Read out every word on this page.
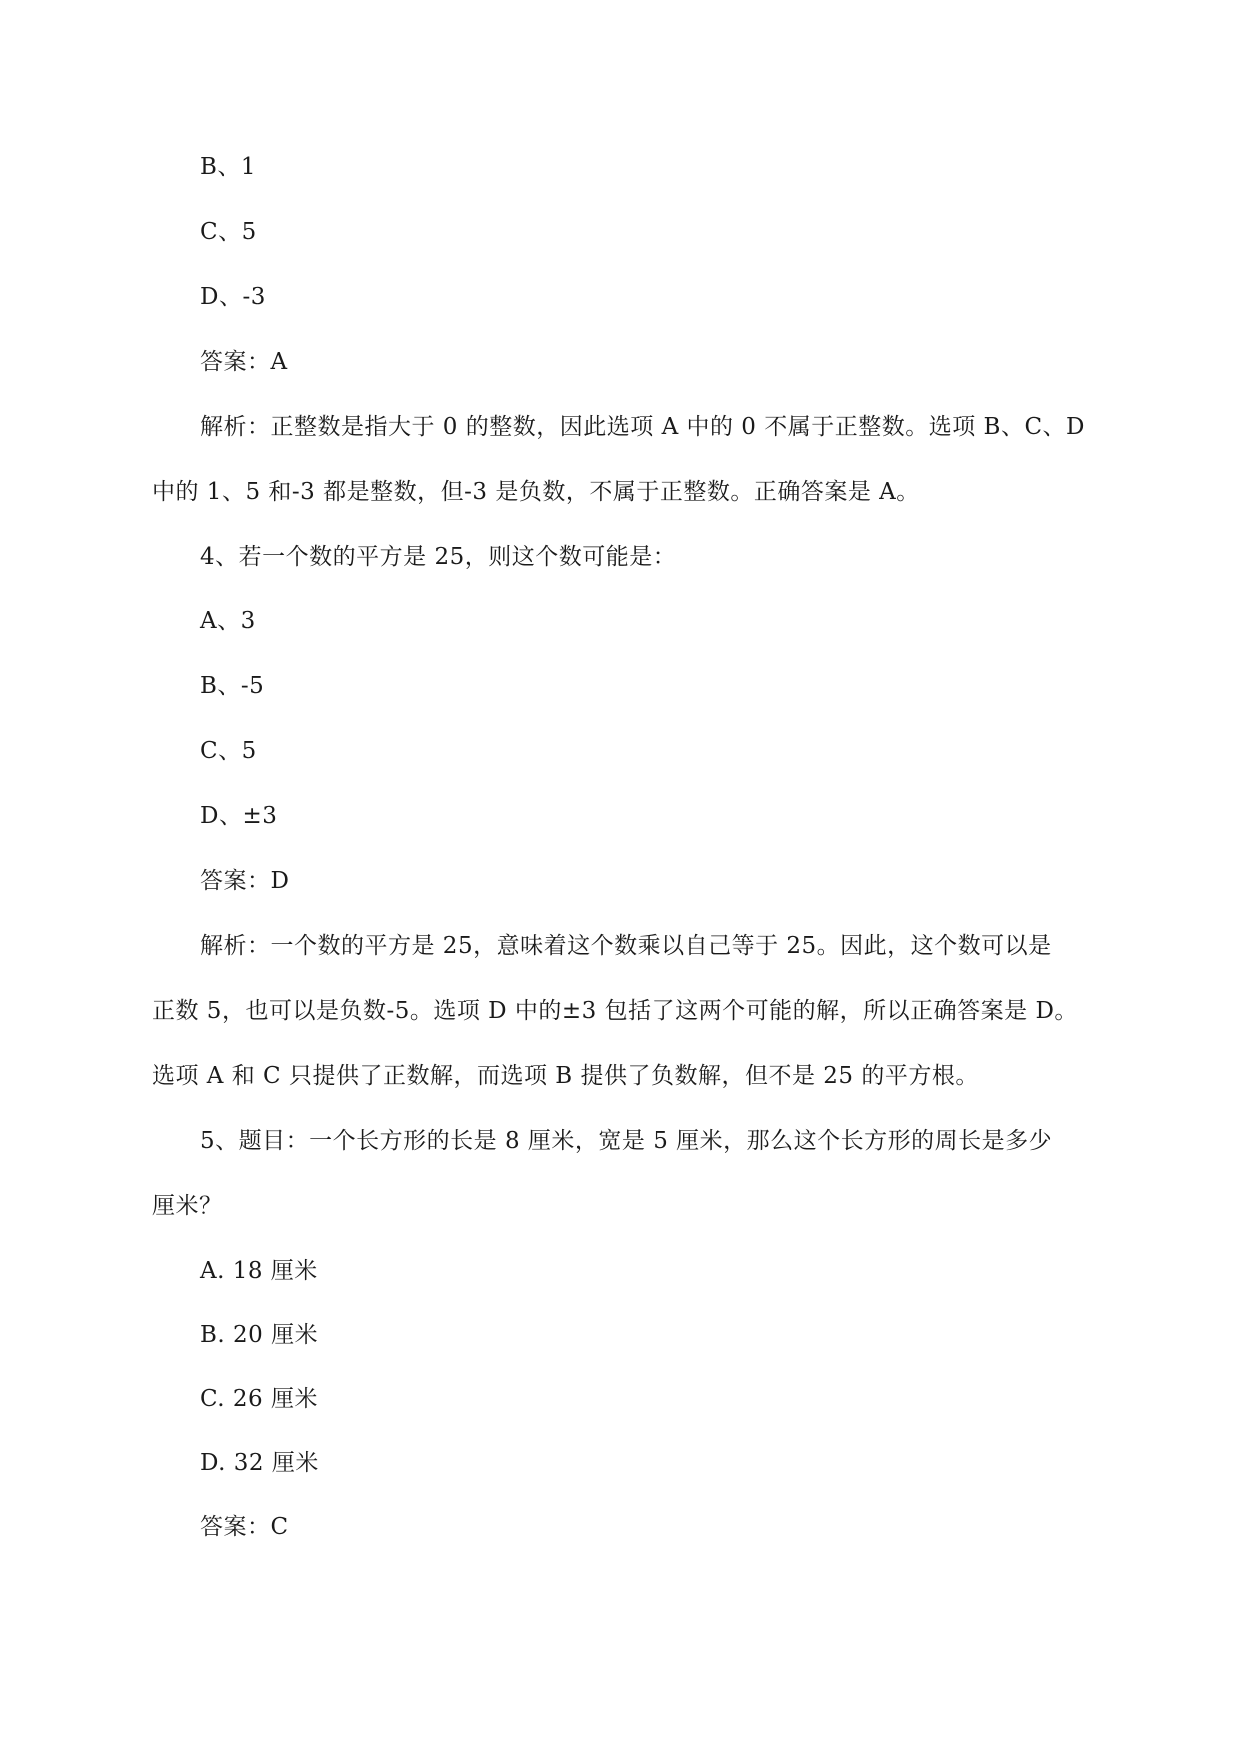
B、1
C、5
D、-3
答案：A
解析：正整数是指大于 0 的整数，因此选项 A 中的 0 不属于正整数。选项 B、C、D
中的 1、5 和-3 都是整数，但-3 是负数，不属于正整数。正确答案是 A。
4、若一个数的平方是 25，则这个数可能是：
A、3
B、-5
C、5
D、±3
答案：D
解析：一个数的平方是 25，意味着这个数乘以自己等于 25。因此，这个数可以是
正数 5，也可以是负数-5。选项 D 中的±3 包括了这两个可能的解，所以正确答案是 D。
选项 A 和 C 只提供了正数解，而选项 B 提供了负数解，但不是 25 的平方根。
5、题目：一个长方形的长是 8 厘米，宽是 5 厘米，那么这个长方形的周长是多少
厘米？
A. 18 厘米
B. 20 厘米
C. 26 厘米
D. 32 厘米
答案：C
